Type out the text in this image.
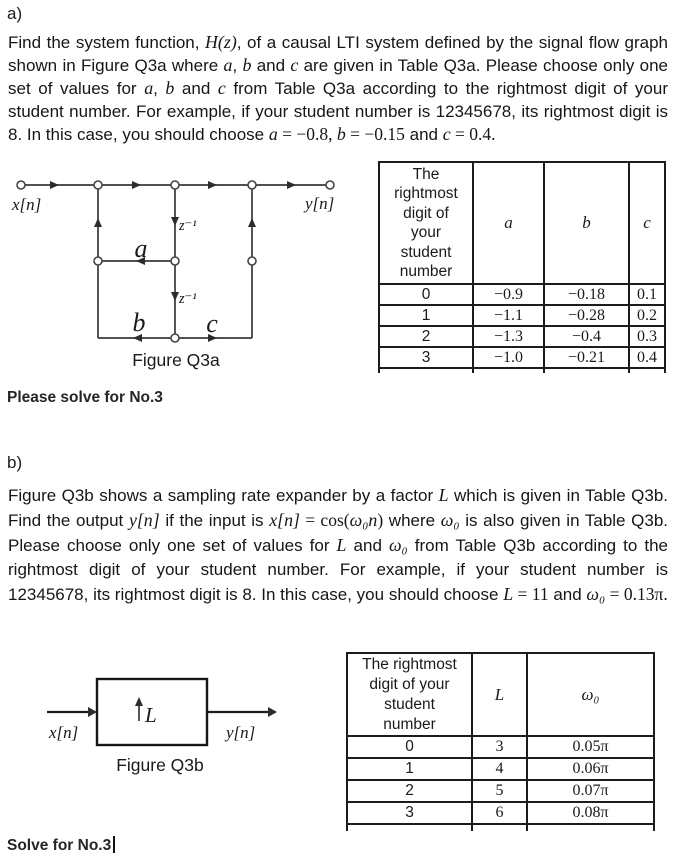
a)
Find the system function, H(z), of a causal LTI system defined by the signal flow graph shown in Figure Q3a where a, b and c are given in Table Q3a. Please choose only one set of values for a, b and c from Table Q3a according to the rightmost digit of your student number. For example, if your student number is 12345678, its rightmost digit is 8. In this case, you should choose a = −0.8, b = −0.15 and c = 0.4.
x[n]	y[n]
z⁻¹
z⁻¹
a
b c
Figure Q3a
The rightmost digit of your student number	a	b	c
0	−0.9	−0.18	0.1
1	−1.1	−0.28	0.2
2	−1.3	−0.4	0.3
3	−1.0	−0.21	0.4

Please solve for No.3
b)
Figure Q3b shows a sampling rate expander by a factor L which is given in Table Q3b. Find the output y[n] if the input is x[n] = cos(ω₀n) where ω₀ is also given in Table Q3b. Please choose only one set of values for L and ω₀ from Table Q3b according to the rightmost digit of your student number. For example, if your student number is 12345678, its rightmost digit is 8. In this case, you should choose L = 11 and ω₀ = 0.13π.
L
x[n]	y[n]
Figure Q3b
The rightmost digit of your student number	L	ω₀
0	3	0.05π
1	4	0.06π
2	5	0.07π
3	6	0.08π

Solve for No.3
